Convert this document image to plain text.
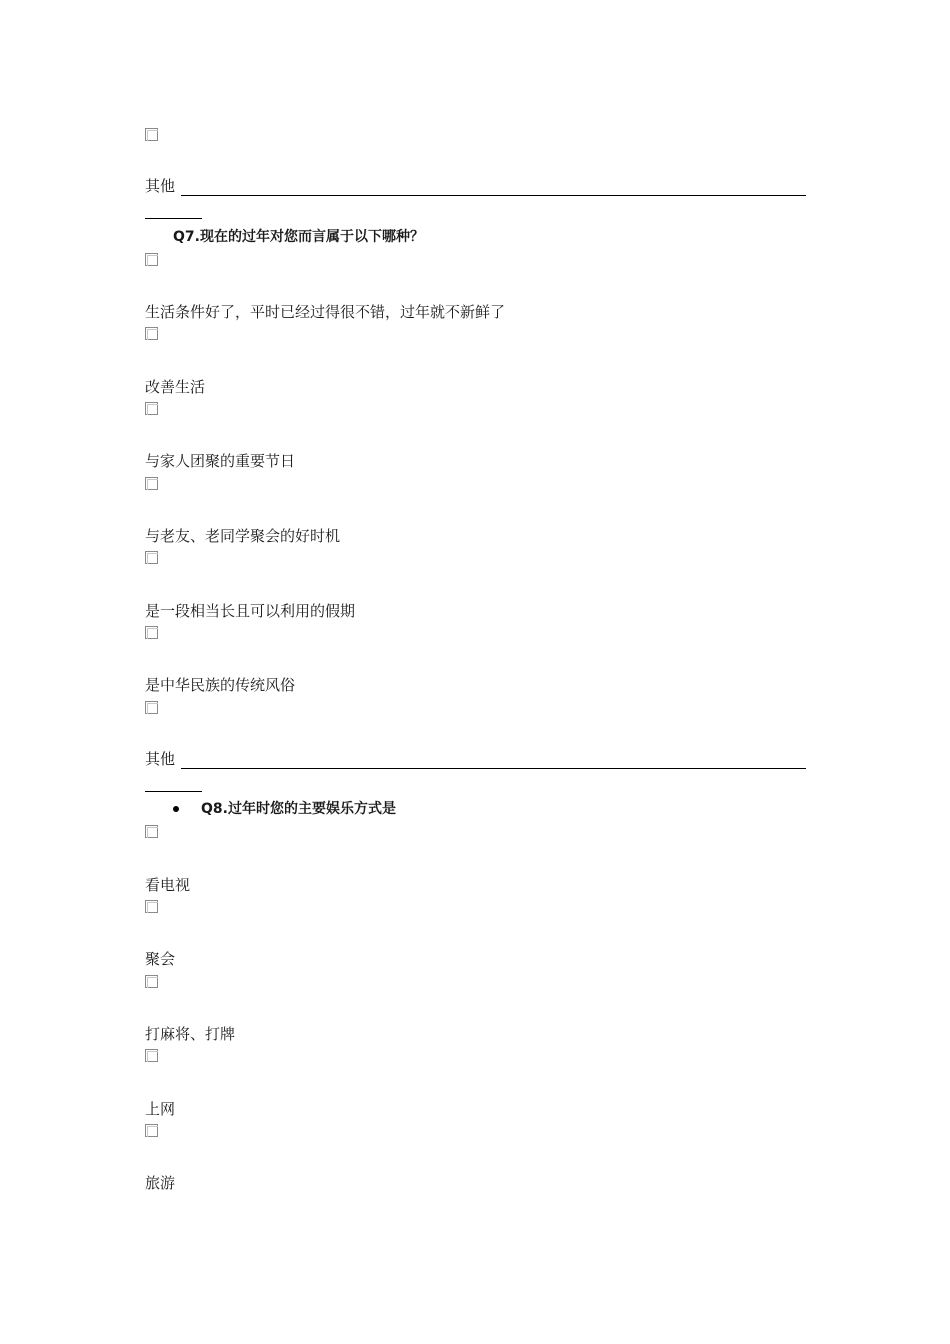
其他
Q7.现在的过年对您而言属于以下哪种？
生活条件好了，平时已经过得很不错，过年就不新鲜了
改善生活
与家人团聚的重要节日
与老友、老同学聚会的好时机
是一段相当长且可以利用的假期
是中华民族的传统风俗
其他
Q8.过年时您的主要娱乐方式是
看电视
聚会
打麻将、打牌
上网
旅游
